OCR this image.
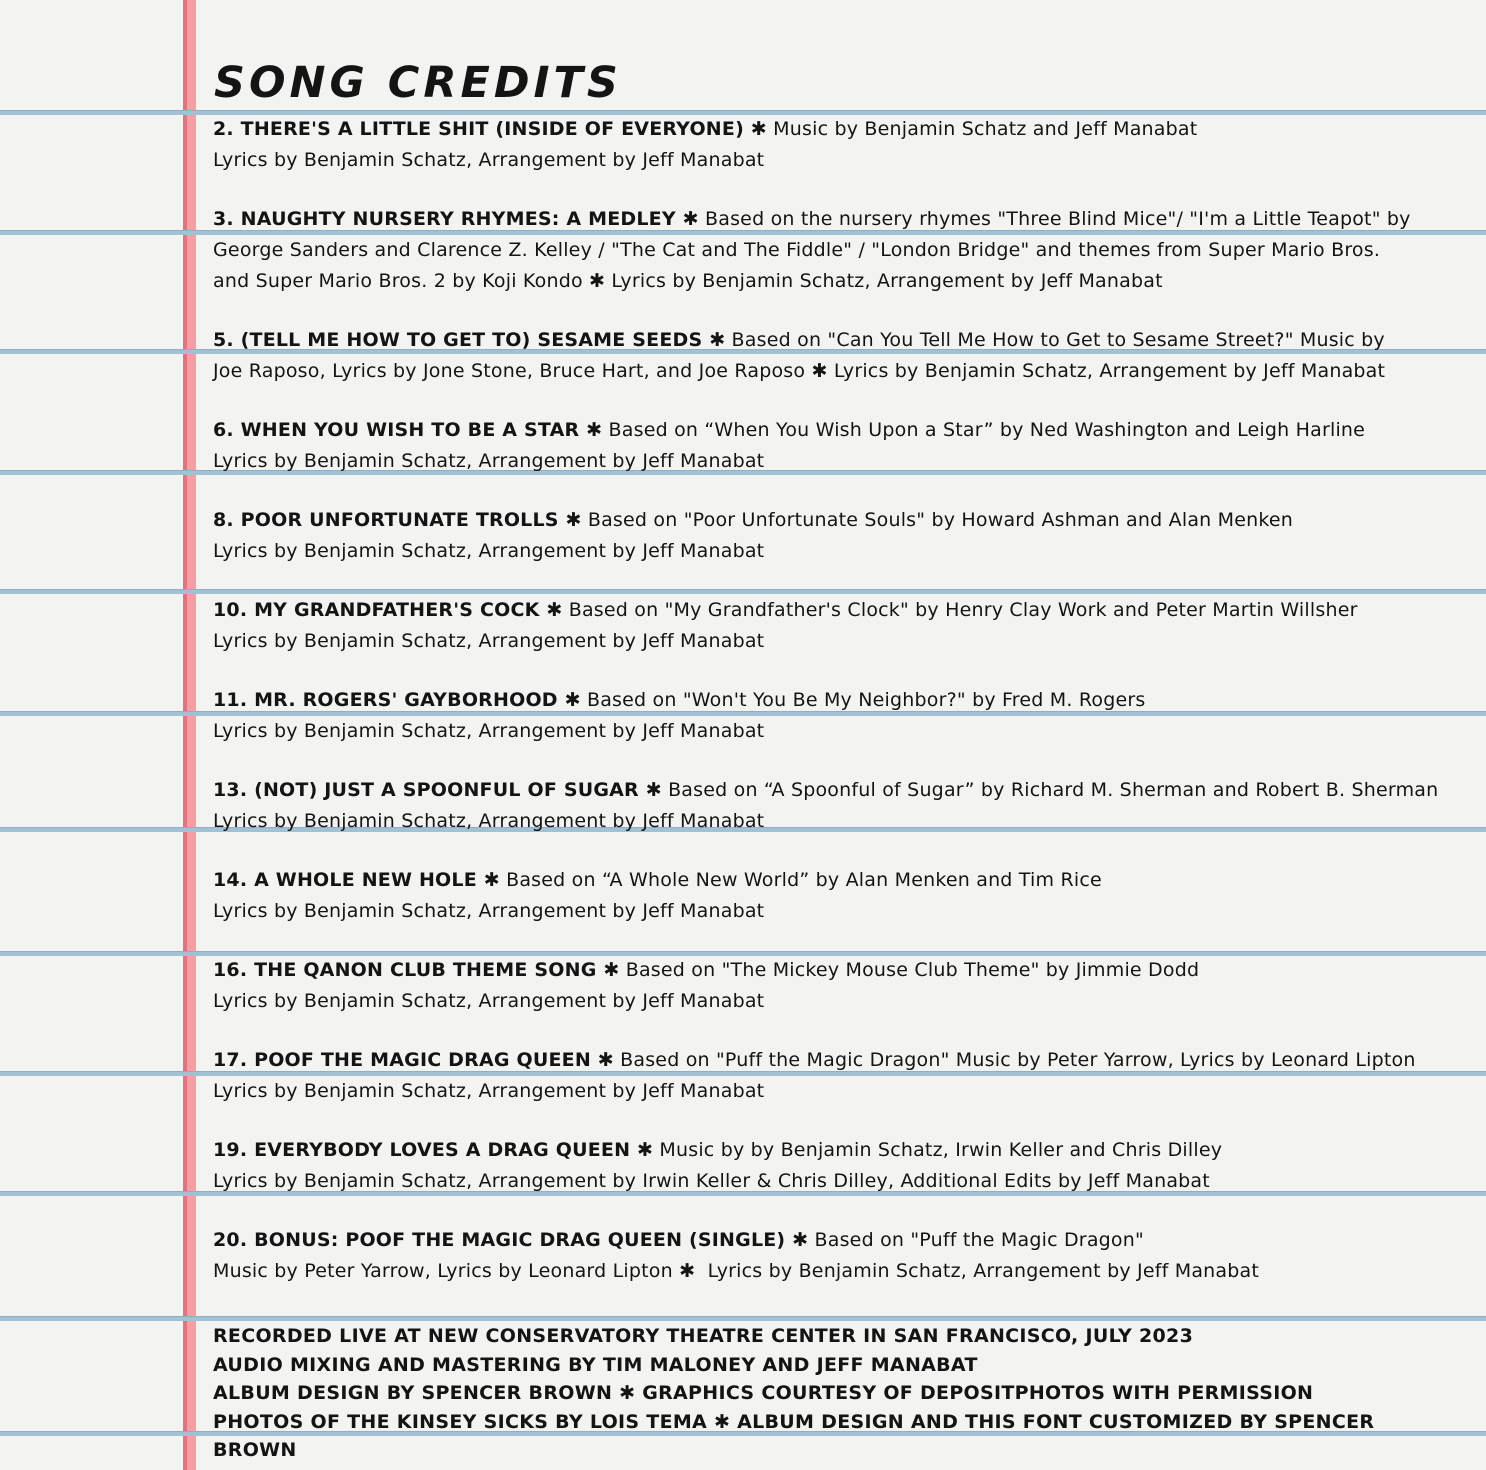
SONG CREDITS
2. THERE'S A LITTLE SHIT (INSIDE OF EVERYONE) ✱ Music by Benjamin Schatz and Jeff Manabat
Lyrics by Benjamin Schatz, Arrangement by Jeff Manabat
3. NAUGHTY NURSERY RHYMES: A MEDLEY ✱ Based on the nursery rhymes "Three Blind Mice"/ "I'm a Little Teapot" by
George Sanders and Clarence Z. Kelley / "The Cat and The Fiddle" / "London Bridge" and themes from Super Mario Bros.
and Super Mario Bros. 2 by Koji Kondo ✱ Lyrics by Benjamin Schatz, Arrangement by Jeff Manabat
5. (TELL ME HOW TO GET TO) SESAME SEEDS ✱ Based on "Can You Tell Me How to Get to Sesame Street?" Music by
Joe Raposo, Lyrics by Jone Stone, Bruce Hart, and Joe Raposo ✱ Lyrics by Benjamin Schatz, Arrangement by Jeff Manabat
6. WHEN YOU WISH TO BE A STAR ✱ Based on “When You Wish Upon a Star” by Ned Washington and Leigh Harline
Lyrics by Benjamin Schatz, Arrangement by Jeff Manabat
8. POOR UNFORTUNATE TROLLS ✱ Based on "Poor Unfortunate Souls" by Howard Ashman and Alan Menken
Lyrics by Benjamin Schatz, Arrangement by Jeff Manabat
10. MY GRANDFATHER'S COCK ✱ Based on "My Grandfather's Clock" by Henry Clay Work and Peter Martin Willsher
Lyrics by Benjamin Schatz, Arrangement by Jeff Manabat
11. MR. ROGERS' GAYBORHOOD ✱ Based on "Won't You Be My Neighbor?" by Fred M. Rogers
Lyrics by Benjamin Schatz, Arrangement by Jeff Manabat
13. (NOT) JUST A SPOONFUL OF SUGAR ✱ Based on “A Spoonful of Sugar” by Richard M. Sherman and Robert B. Sherman
Lyrics by Benjamin Schatz, Arrangement by Jeff Manabat
14. A WHOLE NEW HOLE ✱ Based on “A Whole New World” by Alan Menken and Tim Rice
Lyrics by Benjamin Schatz, Arrangement by Jeff Manabat
16. THE QANON CLUB THEME SONG ✱ Based on "The Mickey Mouse Club Theme" by Jimmie Dodd
Lyrics by Benjamin Schatz, Arrangement by Jeff Manabat
17. POOF THE MAGIC DRAG QUEEN ✱ Based on "Puff the Magic Dragon" Music by Peter Yarrow, Lyrics by Leonard Lipton
Lyrics by Benjamin Schatz, Arrangement by Jeff Manabat
19. EVERYBODY LOVES A DRAG QUEEN ✱ Music by by Benjamin Schatz, Irwin Keller and Chris Dilley
Lyrics by Benjamin Schatz, Arrangement by Irwin Keller & Chris Dilley, Additional Edits by Jeff Manabat
20. BONUS: POOF THE MAGIC DRAG QUEEN (SINGLE) ✱ Based on "Puff the Magic Dragon"
Music by Peter Yarrow, Lyrics by Leonard Lipton ✱  Lyrics by Benjamin Schatz, Arrangement by Jeff Manabat
RECORDED LIVE AT NEW CONSERVATORY THEATRE CENTER IN SAN FRANCISCO, JULY 2023
AUDIO MIXING AND MASTERING BY TIM MALONEY AND JEFF MANABAT
ALBUM DESIGN BY SPENCER BROWN ✱ GRAPHICS COURTESY OF DEPOSITPHOTOS WITH PERMISSION
PHOTOS OF THE KINSEY SICKS BY LOIS TEMA ✱ ALBUM DESIGN AND THIS FONT CUSTOMIZED BY SPENCER BROWN
